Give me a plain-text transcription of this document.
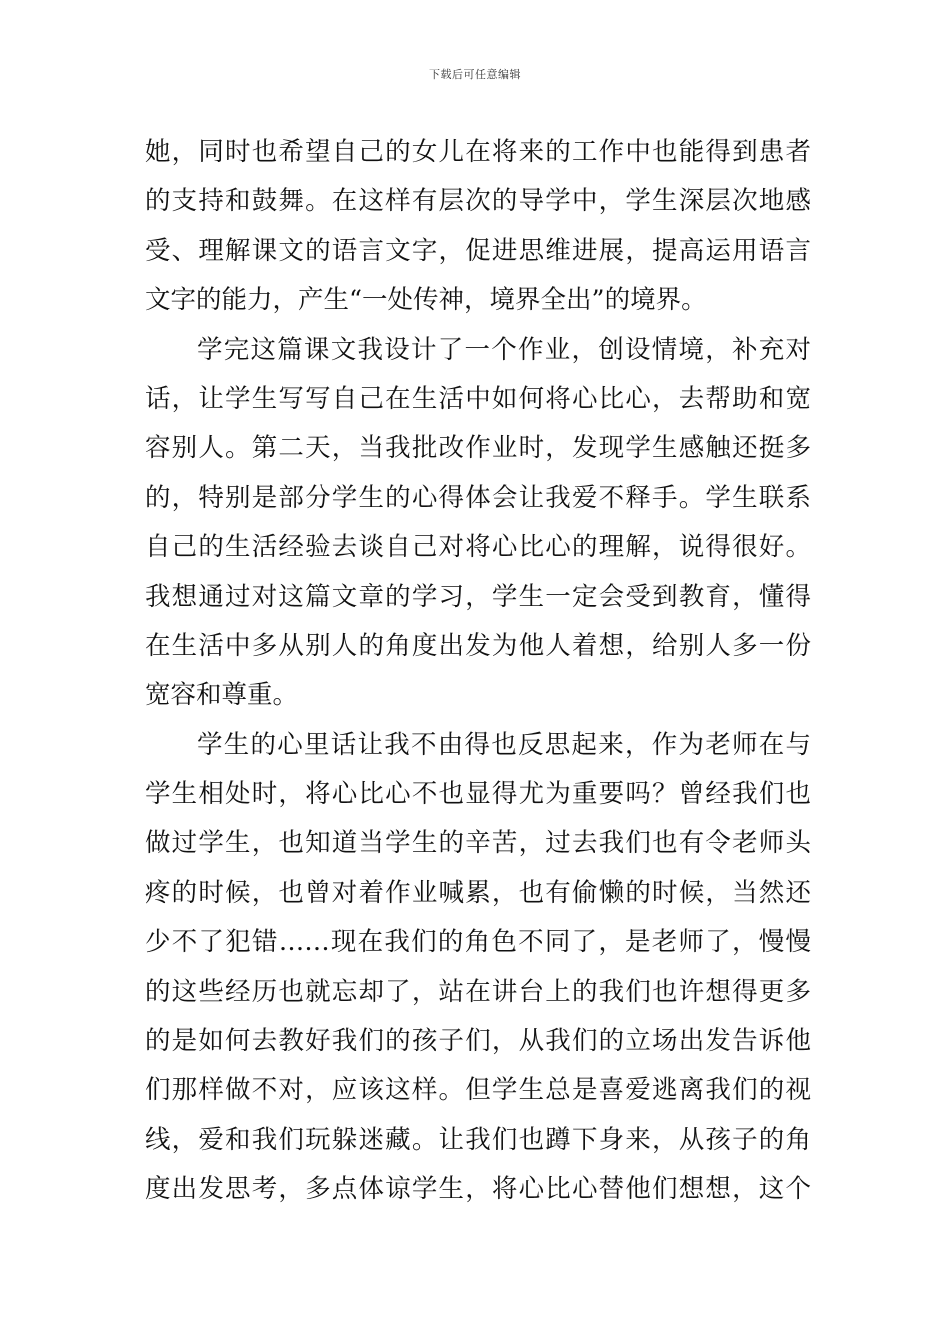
下载后可任意编辑
她，同时也希望自己的女儿在将来的工作中也能得到患者
的支持和鼓舞。在这样有层次的导学中，学生深层次地感
受、理解课文的语言文字，促进思维进展，提高运用语言
文字的能力，产生“一处传神，境界全出”的境界。
学完这篇课文我设计了一个作业，创设情境，补充对
话，让学生写写自己在生活中如何将心比心，去帮助和宽
容别人。第二天，当我批改作业时，发现学生感触还挺多
的，特别是部分学生的心得体会让我爱不释手。学生联系
自己的生活经验去谈自己对将心比心的理解，说得很好。
我想通过对这篇文章的学习，学生一定会受到教育，懂得
在生活中多从别人的角度出发为他人着想，给别人多一份
宽容和尊重。
学生的心里话让我不由得也反思起来，作为老师在与
学生相处时，将心比心不也显得尤为重要吗？曾经我们也
做过学生，也知道当学生的辛苦，过去我们也有令老师头
疼的时候，也曾对着作业喊累，也有偷懒的时候，当然还
少不了犯错……现在我们的角色不同了，是老师了，慢慢
的这些经历也就忘却了，站在讲台上的我们也许想得更多
的是如何去教好我们的孩子们，从我们的立场出发告诉他
们那样做不对，应该这样。但学生总是喜爱逃离我们的视
线，爱和我们玩躲迷藏。让我们也蹲下身来，从孩子的角
度出发思考，多点体谅学生，将心比心替他们想想，这个
